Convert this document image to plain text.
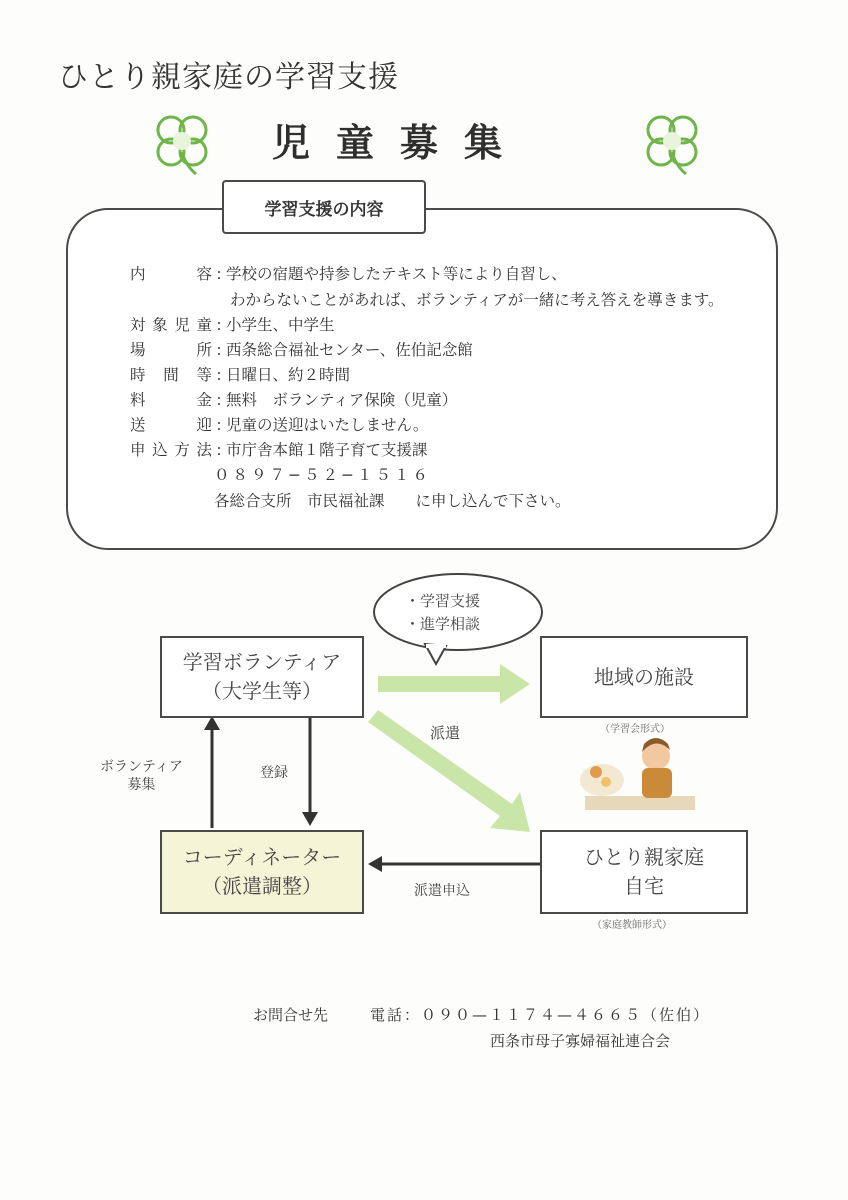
ひとり親家庭の学習支援
児童募集
学習支援の内容
内　容 : 学校の宿題や持参したテキスト等により自習し、
わからないことがあれば、ボランティアが一緒に考え答えを導きます。
対象児童 : 小学生、中学生
場　所 : 西条総合福祉センター、佐伯記念館
時間等 : 日曜日、約２時間
料　金 : 無料　ボランティア保険（児童）
送　迎 : 児童の送迎はいたしません。
申込方法 : 市庁舎本館１階子育て支援課
０８９７−５２−１５１６
各総合支所　市民福祉課　　に申し込んで下さい。
学習ボランティア
（大学生等）
地域の施設
（学習会形式）
コーディネーター
（派遣調整）
ひとり親家庭
自宅
（家庭教師形式）
・学習支援
・進学相談
派遣
ボランティア
募集
登録
派遣申込
お問合せ先	電話：０９０—１１７４—４６６５（佐伯）
西条市母子寡婦福祉連合会
